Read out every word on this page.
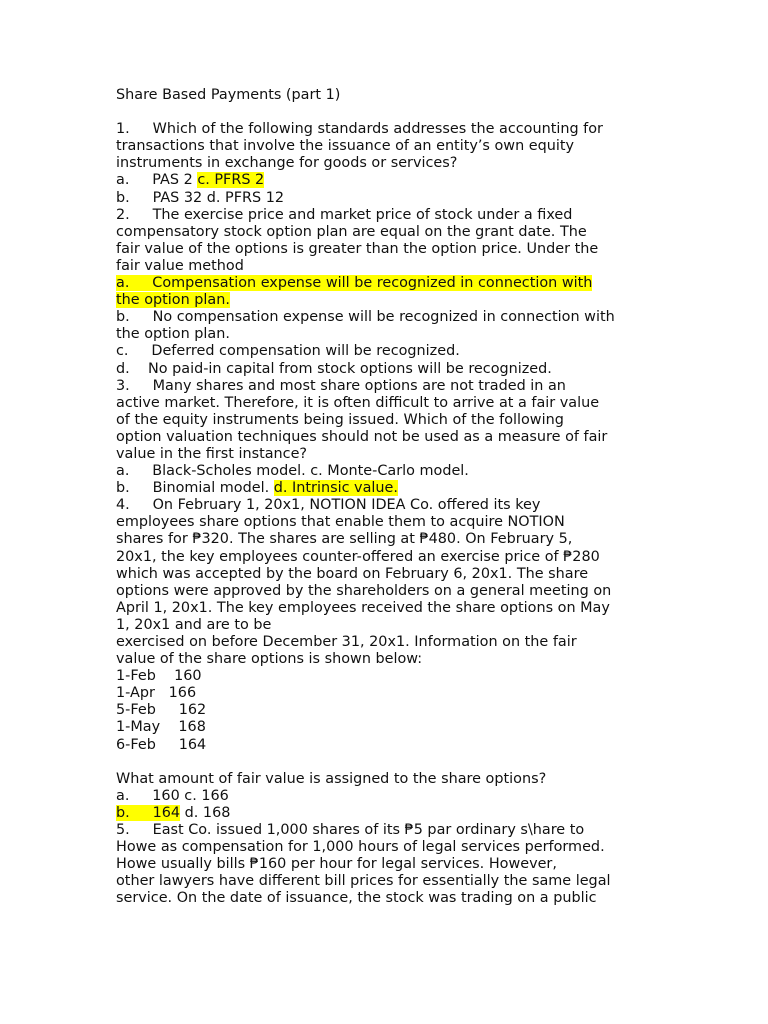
Share Based Payments (part 1)
1.     Which of the following standards addresses the accounting for
transactions that involve the issuance of an entity’s own equity
instruments in exchange for goods or services?
a.     PAS 2 c. PFRS 2
b.     PAS 32 d. PFRS 12
2.     The exercise price and market price of stock under a fixed
compensatory stock option plan are equal on the grant date. The
fair value of the options is greater than the option price. Under the
fair value method
a.     Compensation expense will be recognized in connection with
the option plan.
b.     No compensation expense will be recognized in connection with
the option plan.
c.     Deferred compensation will be recognized.
d.    No paid-in capital from stock options will be recognized.
3.     Many shares and most share options are not traded in an
active market. Therefore, it is often difficult to arrive at a fair value
of the equity instruments being issued. Which of the following
option valuation techniques should not be used as a measure of fair
value in the first instance?
a.     Black-Scholes model. c. Monte-Carlo model.
b.     Binomial model. d. Intrinsic value.
4.     On February 1, 20x1, NOTION IDEA Co. offered its key
employees share options that enable them to acquire NOTION
shares for ₱320. The shares are selling at ₱480. On February 5,
20x1, the key employees counter-offered an exercise price of ₱280
which was accepted by the board on February 6, 20x1. The share
options were approved by the shareholders on a general meeting on
April 1, 20x1. The key employees received the share options on May
1, 20x1 and are to be
exercised on before December 31, 20x1. Information on the fair
value of the share options is shown below:
1-Feb    160
1-Apr   166
5-Feb     162
1-May    168
6-Feb     164
What amount of fair value is assigned to the share options?
a.     160 c. 166
b.     164 d. 168
5.     East Co. issued 1,000 shares of its ₱5 par ordinary s\hare to
Howe as compensation for 1,000 hours of legal services performed.
Howe usually bills ₱160 per hour for legal services. However,
other lawyers have different bill prices for essentially the same legal
service. On the date of issuance, the stock was trading on a public
